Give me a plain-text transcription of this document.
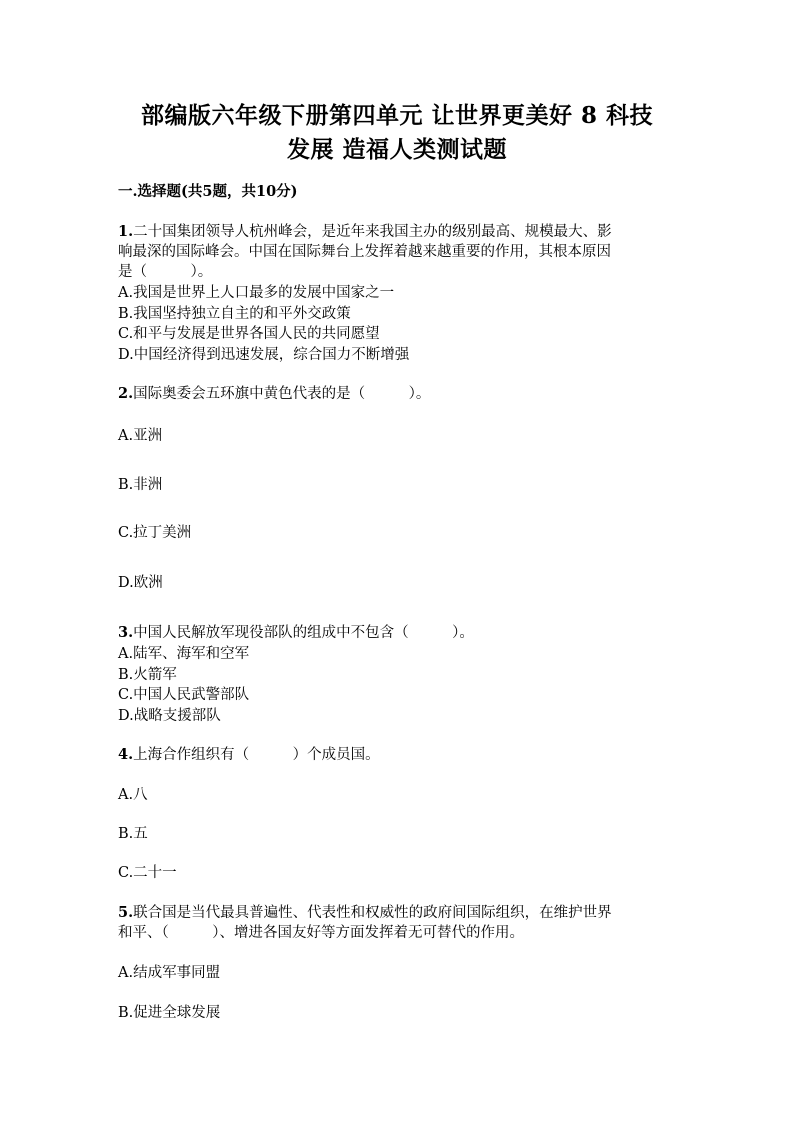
部编版六年级下册第四单元 让世界更美好 8 科技
发展 造福人类测试题
一.选择题(共5题，共10分)
1.二十国集团领导人杭州峰会，是近年来我国主办的级别最高、规模最大、影
响最深的国际峰会。中国在国际舞台上发挥着越来越重要的作用，其根本原因
是（　　　）。
A.我国是世界上人口最多的发展中国家之一
B.我国坚持独立自主的和平外交政策
C.和平与发展是世界各国人民的共同愿望
D.中国经济得到迅速发展，综合国力不断增强
2.国际奥委会五环旗中黄色代表的是（　　　）。
A.亚洲
B.非洲
C.拉丁美洲
D.欧洲
3.中国人民解放军现役部队的组成中不包含（　　　）。
A.陆军、海军和空军
B.火箭军
C.中国人民武警部队
D.战略支援部队
4.上海合作组织有（　　　）个成员国。
A.八
B.五
C.二十一
5.联合国是当代最具普遍性、代表性和权威性的政府间国际组织，在维护世界
和平、（　　　）、增进各国友好等方面发挥着无可替代的作用。
A.结成军事同盟
B.促进全球发展
